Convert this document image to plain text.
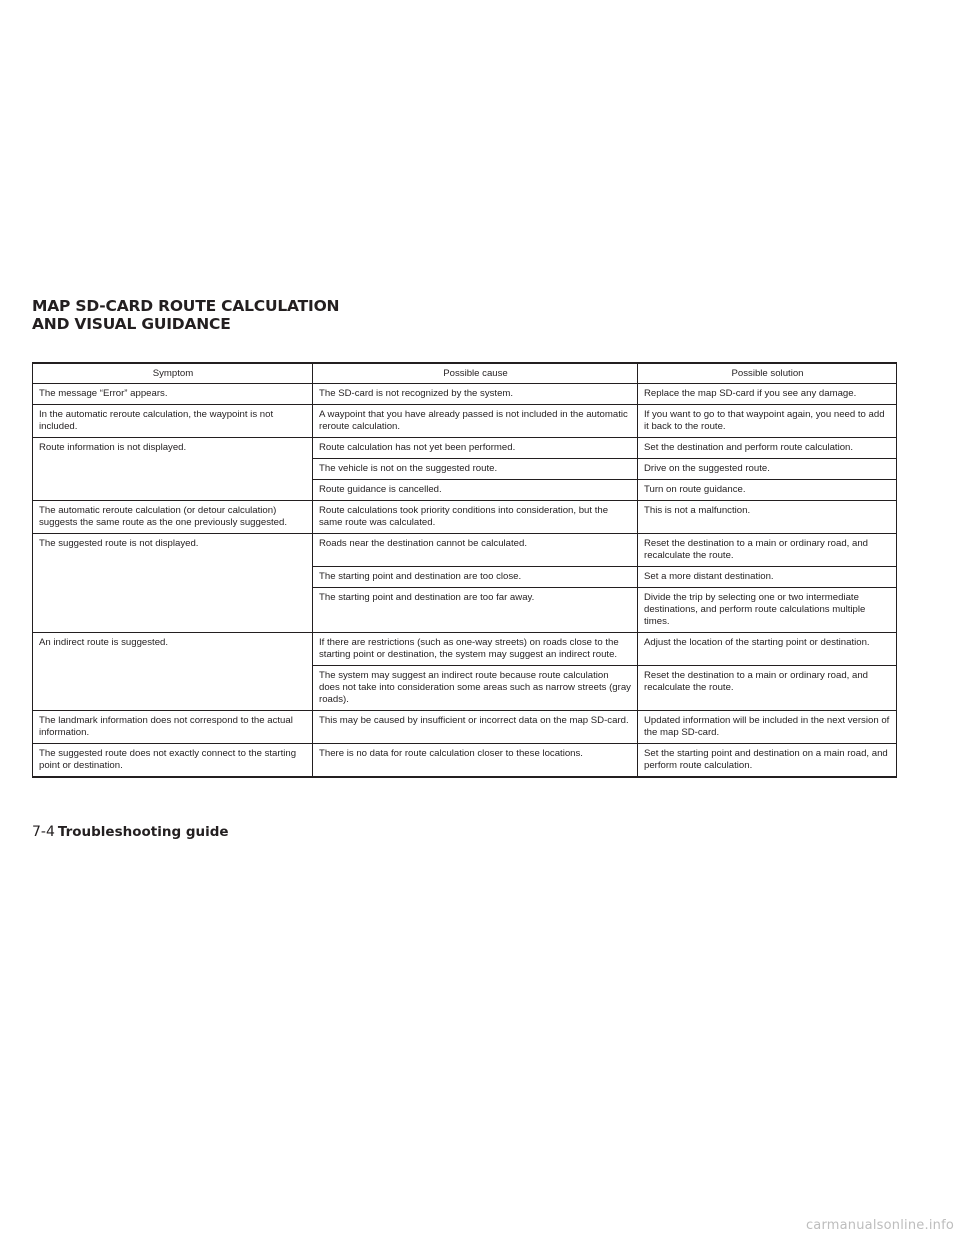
MAP SD-CARD ROUTE CALCULATION
AND VISUAL GUIDANCE
Symptom	Possible cause	Possible solution
The message “Error” appears.	The SD-card is not recognized by the system.	Replace the map SD-card if you see any damage.
In the automatic reroute calculation, the waypoint is not included.	A waypoint that you have already passed is not included in the automatic reroute calculation.	If you want to go to that waypoint again, you need to add it back to the route.
Route information is not displayed.	Route calculation has not yet been performed.	Set the destination and perform route calculation.
	The vehicle is not on the suggested route.	Drive on the suggested route.
	Route guidance is cancelled.	Turn on route guidance.
The automatic reroute calculation (or detour calculation) suggests the same route as the one previously suggested.	Route calculations took priority conditions into consideration, but the same route was calculated.	This is not a malfunction.
The suggested route is not displayed.	Roads near the destination cannot be calculated.	Reset the destination to a main or ordinary road, and recalculate the route.
	The starting point and destination are too close.	Set a more distant destination.
	The starting point and destination are too far away.	Divide the trip by selecting one or two intermediate destinations, and perform route calculations multiple times.
An indirect route is suggested.	If there are restrictions (such as one-way streets) on roads close to the starting point or destination, the system may suggest an indirect route.	Adjust the location of the starting point or destination.
	The system may suggest an indirect route because route calculation does not take into consideration some areas such as narrow streets (gray roads).	Reset the destination to a main or ordinary road, and recalculate the route.
The landmark information does not correspond to the actual information.	This may be caused by insufficient or incorrect data on the map SD-card.	Updated information will be included in the next version of the map SD-card.
The suggested route does not exactly connect to the starting point or destination.	There is no data for route calculation closer to these locations.	Set the starting point and destination on a main road, and perform route calculation.
7-4 Troubleshooting guide
carmanualsonline.info
